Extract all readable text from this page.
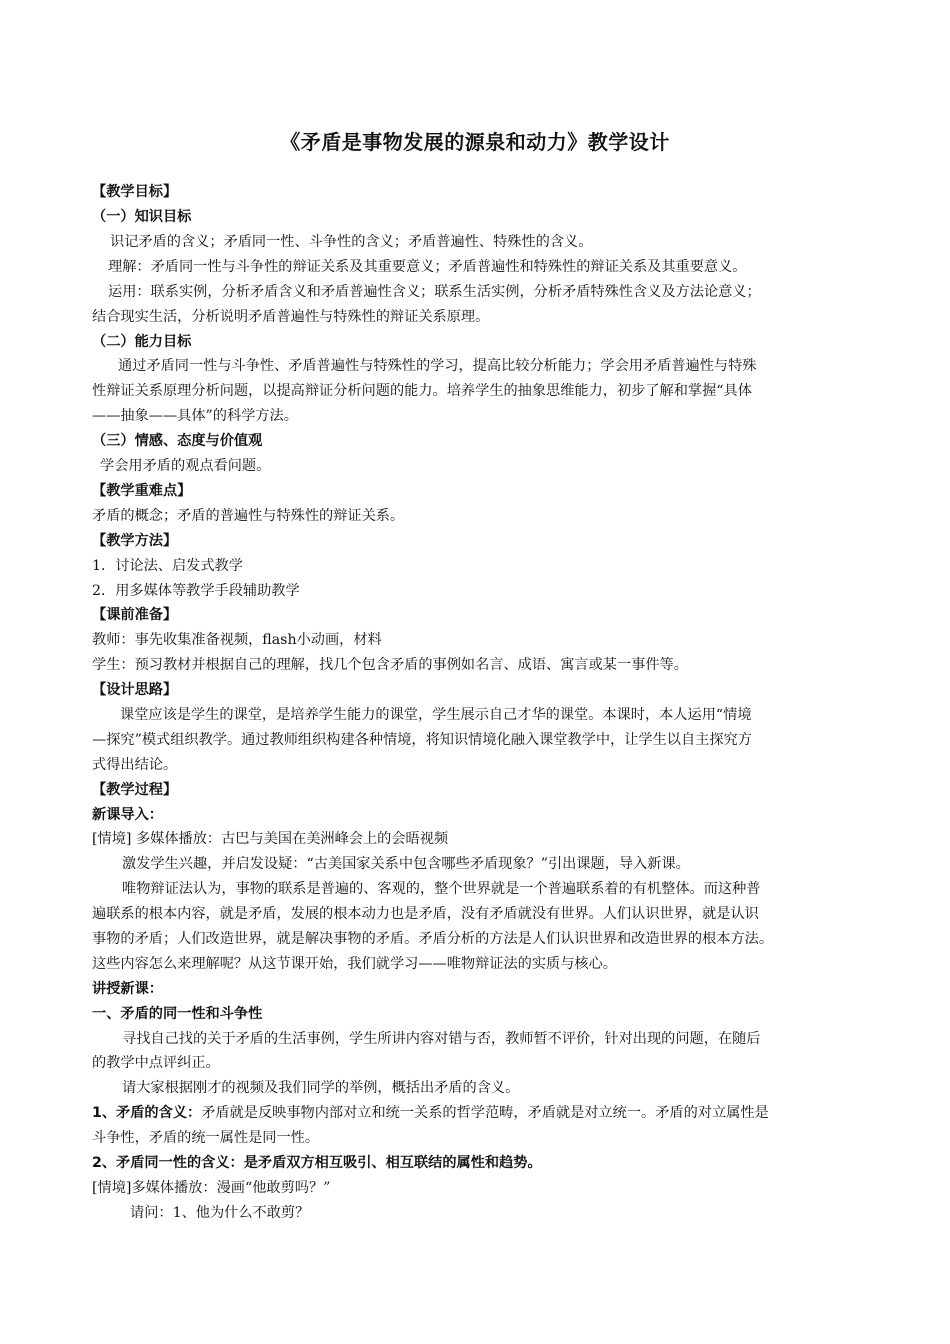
《矛盾是事物发展的源泉和动力》教学设计
【教学目标】
（一）知识目标
识记矛盾的含义；矛盾同一性、斗争性的含义；矛盾普遍性、特殊性的含义。
理解：矛盾同一性与斗争性的辩证关系及其重要意义；矛盾普遍性和特殊性的辩证关系及其重要意义。
运用：联系实例，分析矛盾含义和矛盾普遍性含义；联系生活实例，分析矛盾特殊性含义及方法论意义；
结合现实生活，分析说明矛盾普遍性与特殊性的辩证关系原理。
（二）能力目标
通过矛盾同一性与斗争性、矛盾普遍性与特殊性的学习，提高比较分析能力；学会用矛盾普遍性与特殊
性辩证关系原理分析问题，以提高辩证分析问题的能力。培养学生的抽象思维能力，初步了解和掌握“具体
——抽象——具体”的科学方法。
（三）情感、态度与价值观
学会用矛盾的观点看问题。
【教学重难点】
矛盾的概念；矛盾的普遍性与特殊性的辩证关系。
【教学方法】
1．讨论法、启发式教学
2．用多媒体等教学手段辅助教学
【课前准备】
教师：事先收集准备视频，flash小动画，材料
学生：预习教材并根据自己的理解，找几个包含矛盾的事例如名言、成语、寓言或某一事件等。
【设计思路】
课堂应该是学生的课堂，是培养学生能力的课堂，学生展示自己才华的课堂。本课时，本人运用“情境
—探究”模式组织教学。通过教师组织构建各种情境，将知识情境化融入课堂教学中，让学生以自主探究方
式得出结论。
【教学过程】
新课导入：
[情境] 多媒体播放：古巴与美国在美洲峰会上的会晤视频
激发学生兴趣，并启发设疑：“古美国家关系中包含哪些矛盾现象？”引出课题，导入新课。
唯物辩证法认为，事物的联系是普遍的、客观的，整个世界就是一个普遍联系着的有机整体。而这种普
遍联系的根本内容，就是矛盾，发展的根本动力也是矛盾，没有矛盾就没有世界。人们认识世界，就是认识
事物的矛盾；人们改造世界，就是解决事物的矛盾。矛盾分析的方法是人们认识世界和改造世界的根本方法。
这些内容怎么来理解呢？从这节课开始，我们就学习——唯物辩证法的实质与核心。
讲授新课：
一、矛盾的同一性和斗争性
寻找自己找的关于矛盾的生活事例，学生所讲内容对错与否，教师暂不评价，针对出现的问题，在随后
的教学中点评纠正。
请大家根据刚才的视频及我们同学的举例，概括出矛盾的含义。
1、矛盾的含义：矛盾就是反映事物内部对立和统一关系的哲学范畴，矛盾就是对立统一。矛盾的对立属性是
斗争性，矛盾的统一属性是同一性。
2、矛盾同一性的含义：是矛盾双方相互吸引、相互联结的属性和趋势。
[情境]多媒体播放：漫画“他敢剪吗？”
请问：1、他为什么不敢剪？
